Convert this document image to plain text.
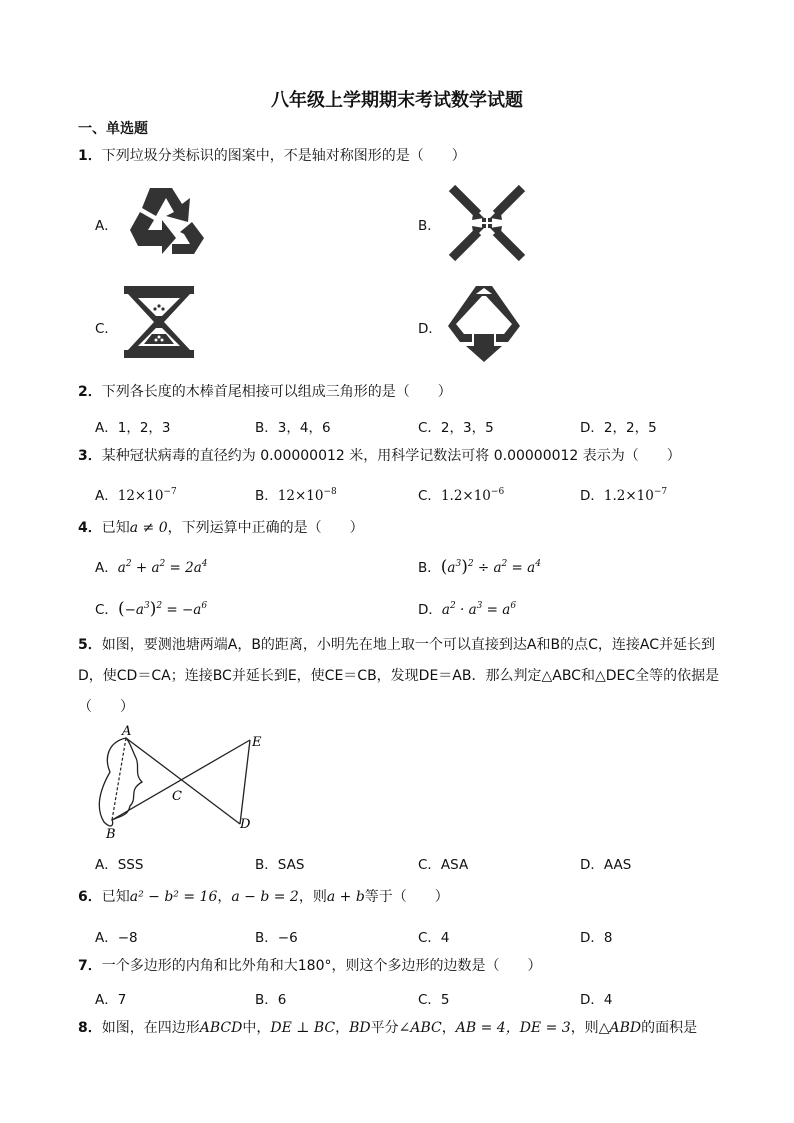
八年级上学期期末考试数学试题
一、单选题
1．下列垃圾分类标识的图案中，不是轴对称图形的是（　　）
A．	B．
C．	D．
2．下列各长度的木棒首尾相接可以组成三角形的是（　　）
A．1，2，3	B．3，4，6	C．2，3，5	D．2，2，5
3．某种冠状病毒的直径约为 0.00000012 米，用科学记数法可将 0.00000012 表示为（　　）
A．$12\times 10^{-7}$	B．$12\times 10^{-8}$	C．$1.2\times 10^{-6}$	D．$1.2\times 10^{-7}$
4．已知a ≠ 0，下列运算中正确的是（　　）
A．$a^2 + a^2 = 2a^4$	B．$(a^3)^2 \div a^2 = a^4$
C．$(-a^3)^2 = -a^6$	D．$a^2 \cdot a^3 = a^6$
5．如图，要测池塘两端A，B的距离，小明先在地上取一个可以直接到达A和B的点C，连接AC并延长到D，使CD＝CA；连接BC并延长到E，使CE＝CB，发现DE＝AB．那么判定△ABC和△DEC全等的依据是（　　）
A
E
C
B
D
A．SSS	B．SAS	C．ASA	D．AAS
6．已知a² − b² = 16，a − b = 2，则a + b等于（　　）
A．−8	B．−6	C．4	D．8
7．一个多边形的内角和比外角和大180°，则这个多边形的边数是（　　）
A．7	B．6	C．5	D．4
8．如图，在四边形ABCD中，DE ⊥ BC，BD平分∠ABC，AB = 4，DE = 3，则△ABD的面积是
